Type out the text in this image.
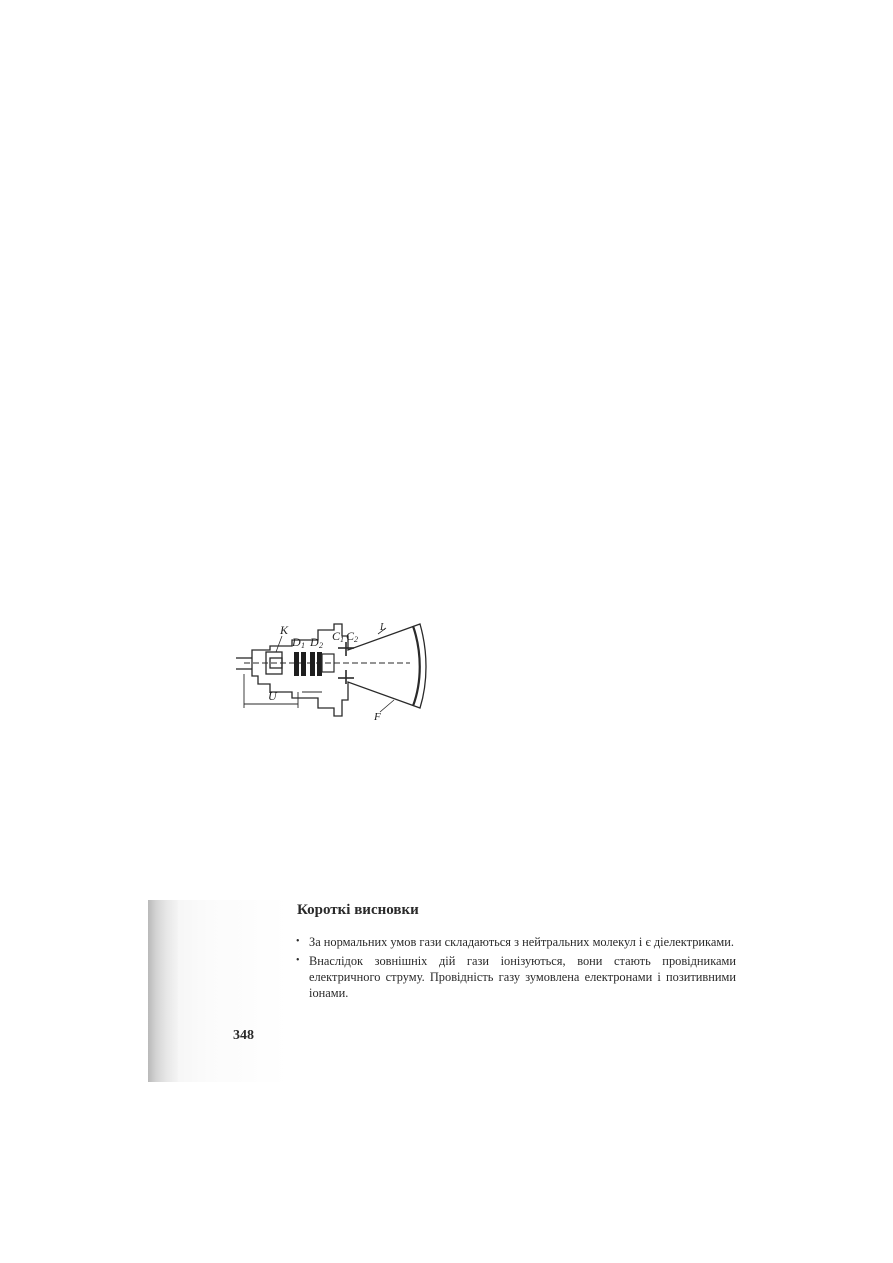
K
D 1 D 2
C 1 C 2
L
F
U
Короткі висновки
• За нормальних умов гази складаються з нейтральних молекул і є діелектриками.
• Внаслідок зовнішніх дій гази іонізуються, вони стають провідниками електричного струму. Провідність газу зумовлена електронами і позитивними іонами.
348
